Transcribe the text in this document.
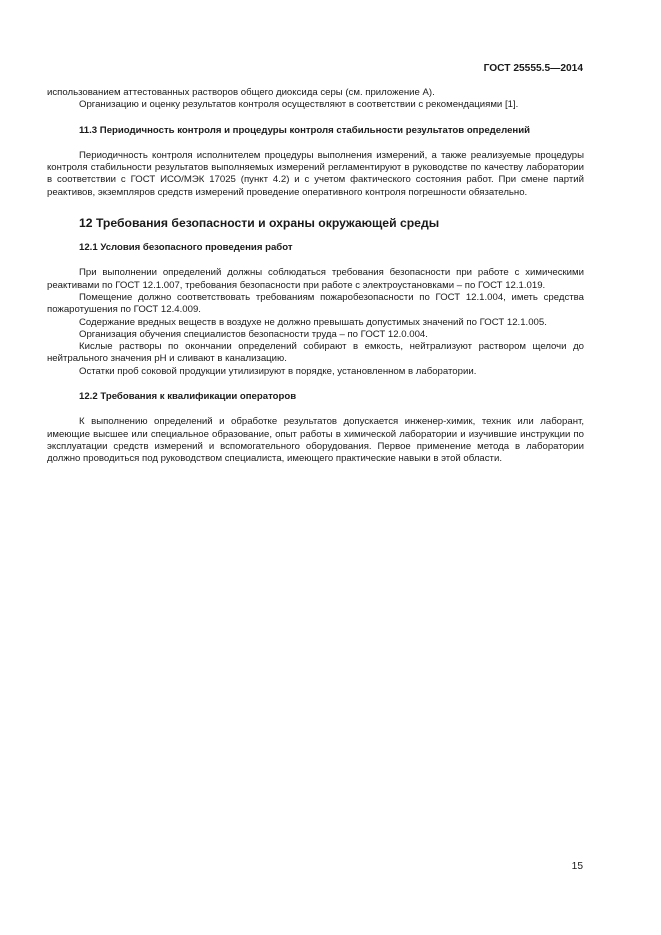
ГОСТ 25555.5—2014

использованием аттестованных растворов общего диоксида серы (см. приложение А).

Организацию и оценку результатов контроля осуществляют в соответствии с рекомендациями [1].

11.3 Периодичность контроля и процедуры контроля стабильности результатов определений

Периодичность контроля исполнителем процедуры выполнения измерений, а также реализуемые процедуры контроля стабильности результатов выполняемых измерений регламентируют в руководстве по качеству лаборатории в соответствии с ГОСТ ИСО/МЭК 17025 (пункт 4.2) и с учетом фактического состояния работ. При смене партий реактивов, экземпляров средств измерений проведение оперативного контроля погрешности обязательно.

12 Требования безопасности и охраны окружающей среды

12.1 Условия безопасного проведения работ

При выполнении определений должны соблюдаться требования безопасности при работе с химическими реактивами по ГОСТ 12.1.007, требования безопасности при работе с электроустановками – по ГОСТ 12.1.019.

Помещение должно соответствовать требованиям пожаробезопасности по ГОСТ 12.1.004, иметь средства пожаротушения по ГОСТ 12.4.009.

Содержание вредных веществ в воздухе не должно превышать допустимых значений по ГОСТ 12.1.005.

Организация обучения специалистов безопасности труда – по ГОСТ 12.0.004.

Кислые растворы по окончании определений собирают в емкость, нейтрализуют раствором щелочи до нейтрального значения pH и сливают в канализацию.

Остатки проб соковой продукции утилизируют в порядке, установленном в лаборатории.

12.2 Требования к квалификации операторов

К выполнению определений и обработке результатов допускается инженер-химик, техник или лаборант, имеющие высшее или специальное образование, опыт работы в химической лаборатории и изучившие инструкции по эксплуатации средств измерений и вспомогательного оборудования. Первое применение метода в лаборатории должно проводиться под руководством специалиста, имеющего практические навыки в этой области.

15
